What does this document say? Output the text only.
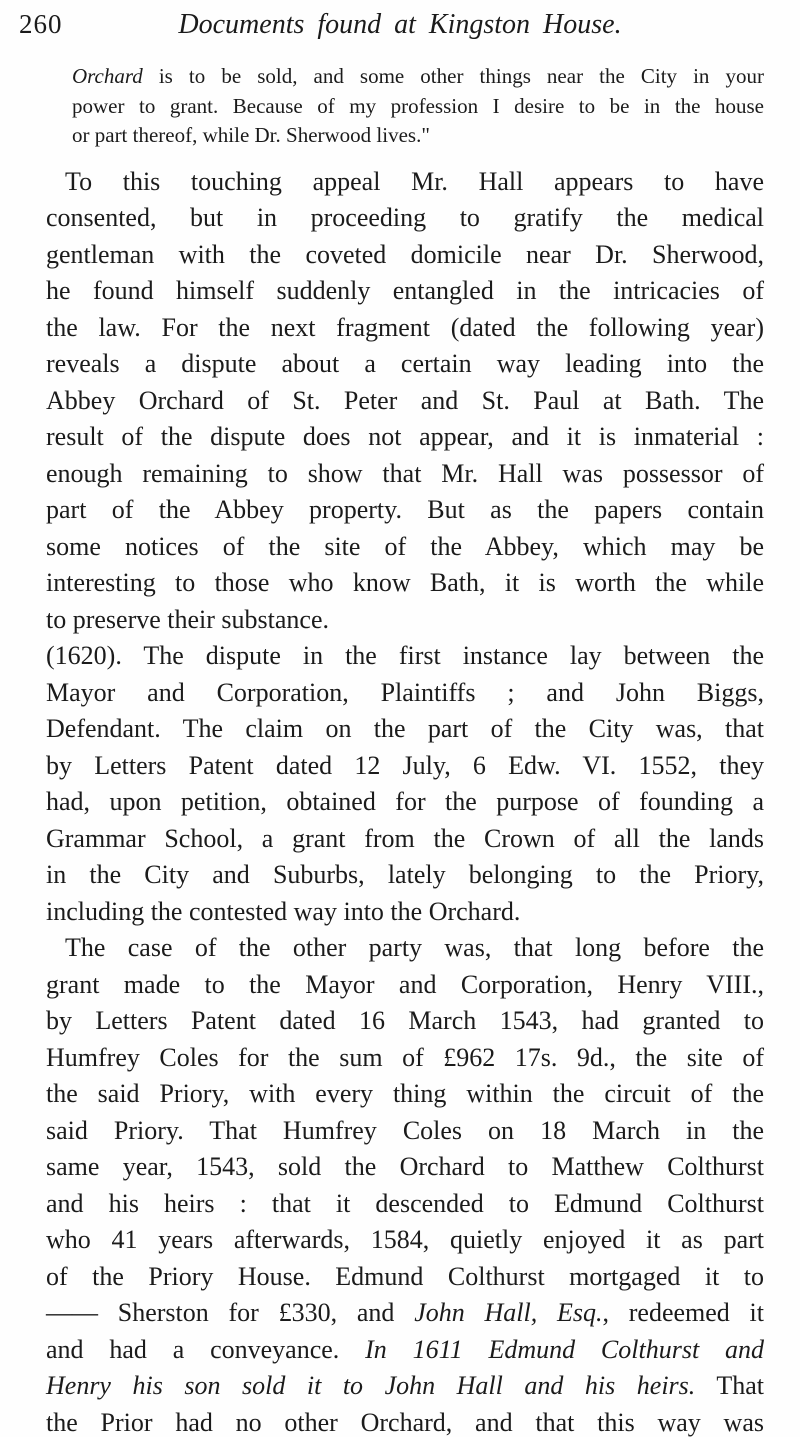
260	Documents found at Kingston House.
Orchard is to be sold, and some other things near the City in your
power to grant. Because of my profession I desire to be in the house
or part thereof, while Dr. Sherwood lives."
To this touching appeal Mr. Hall appears to have
consented, but in proceeding to gratify the medical
gentleman with the coveted domicile near Dr. Sherwood,
he found himself suddenly entangled in the intricacies of
the law. For the next fragment (dated the following year)
reveals a dispute about a certain way leading into the
Abbey Orchard of St. Peter and St. Paul at Bath. The
result of the dispute does not appear, and it is inmaterial :
enough remaining to show that Mr. Hall was possessor of
part of the Abbey property. But as the papers contain
some notices of the site of the Abbey, which may be
interesting to those who know Bath, it is worth the while
to preserve their substance.
(1620). The dispute in the first instance lay between the
Mayor and Corporation, Plaintiffs ; and John Biggs,
Defendant. The claim on the part of the City was, that
by Letters Patent dated 12 July, 6 Edw. VI. 1552, they
had, upon petition, obtained for the purpose of founding a
Grammar School, a grant from the Crown of all the lands
in the City and Suburbs, lately belonging to the Priory,
including the contested way into the Orchard.
The case of the other party was, that long before the
grant made to the Mayor and Corporation, Henry VIII.,
by Letters Patent dated 16 March 1543, had granted to
Humfrey Coles for the sum of £962 17s. 9d., the site of
the said Priory, with every thing within the circuit of the
said Priory. That Humfrey Coles on 18 March in the
same year, 1543, sold the Orchard to Matthew Colthurst
and his heirs : that it descended to Edmund Colthurst
who 41 years afterwards, 1584, quietly enjoyed it as part
of the Priory House. Edmund Colthurst mortgaged it to
—— Sherston for £330, and John Hall, Esq., redeemed it
and had a conveyance. In 1611 Edmund Colthurst and
Henry his son sold it to John Hall and his heirs. That
the Prior had no other Orchard, and that this way was
